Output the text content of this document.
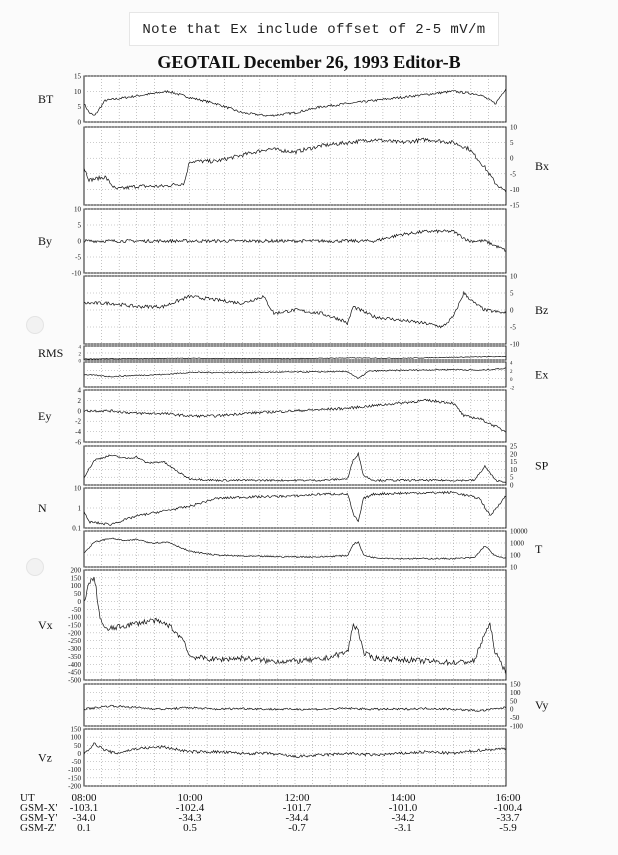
Note that Ex include offset of 2-5 mV/m
GEOTAIL December 26, 1993 Editor-B
15
10
5
0
BT
10
5
0
-5
-10
-15
Bx
10
5
0
-5
-10
By
10
5
0
-5
-10
Bz
4
2
0
RMS
4
2
0
-2
Ex
4
2
0
-2
-4
-6
Ey
25
20
15
10
5
0
SP
10
1
0.1
N
10000
1000
100
10
T
200
150
100
50
0
-50
-100
-150
-200
-250
-300
-350
-400
-450
-500
Vx
150
100
50
0
-50
-100
Vy
150
100
50
0
-50
-100
-150
-200
Vz
UT	08:00	10:00	12:00	14:00	16:00
GSM-X'	-103.1	-102.4	-101.7	-101.0	-100.4
GSM-Y'	-34.0	-34.3	-34.4	-34.2	-33.7
GSM-Z'	0.1	0.5	-0.7	-3.1	-5.9
